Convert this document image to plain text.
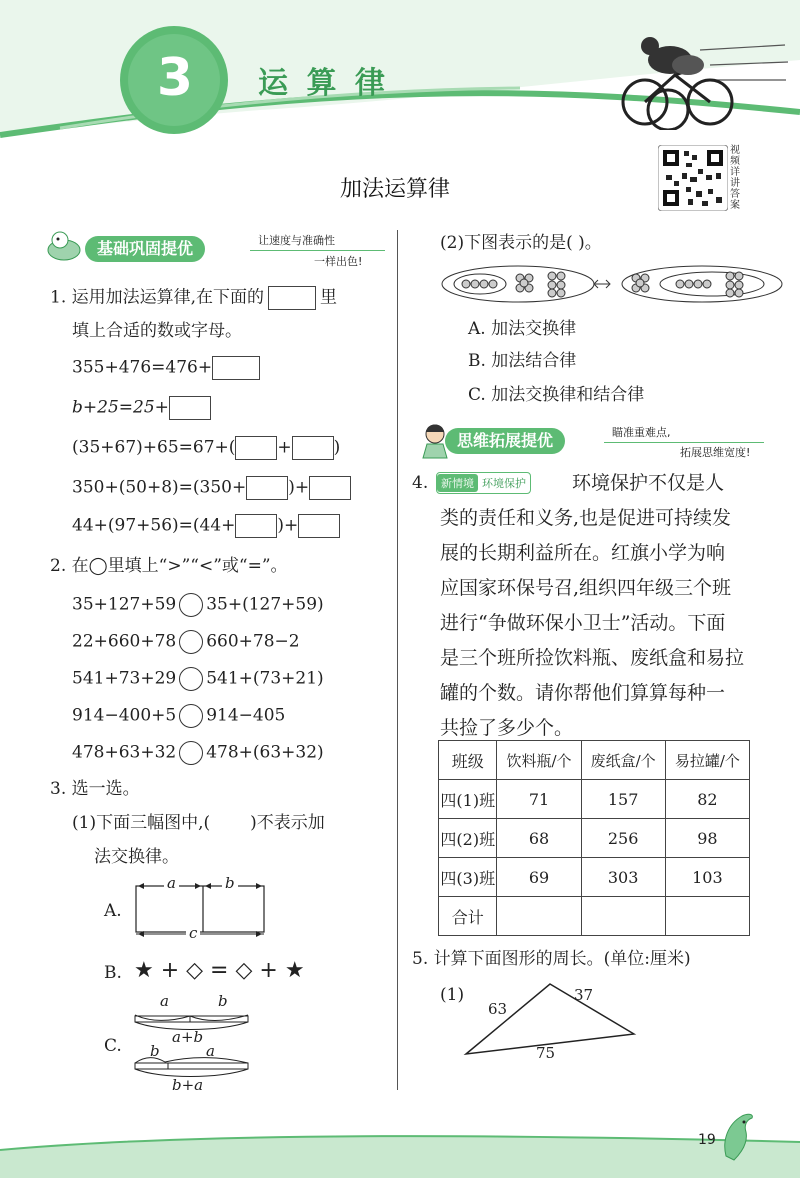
3 运 算 律
视频详讲答案
加法运算律
基础巩固提优	让速度与准确性
一样出色!
1. 运用加法运算律,在下面的	里
填上合适的数或字母。
355+476=476+
b+25=25+
(35+67)+65=67+( + )
350+(50+8)=(350+ )+
44+(97+56)=(44+ )+
2. 在◯里填上“>”“<”或“=”。
35+127+59 35+(127+59)
22+660+78 660+78−2
541+73+29 541+(73+21)
914−400+5 914−405
478+63+32 478+(63+32)
3. 选一选。
(1)下面三幅图中,( )不表示加
法交换律。
A.
a	b
c
B. ★ + ◇ = ◇ + ★
C.
a	b
a+b
b	a
b+a
(2)下图表示的是( )。
A. 加法交换律
B. 加法结合律
C. 加法交换律和结合律
思维拓展提优	瞄准重难点,
拓展思维宽度!
4.	新情境 环境保护 环境保护不仅是人
类的责任和义务,也是促进可持续发
展的长期利益所在。红旗小学为响
应国家环保号召,组织四年级三个班
进行“争做环保小卫士”活动。下面
是三个班所捡饮料瓶、废纸盒和易拉
罐的个数。请你帮他们算算每种一
共捡了多少个。
班级	饮料瓶/个	废纸盒/个	易拉罐/个
四(1)班	71	157	82
四(2)班	68	256	98
四(3)班	69	303	103
合计			
5. 计算下面图形的周长。(单位:厘米)
(1)
63
37
75
19
